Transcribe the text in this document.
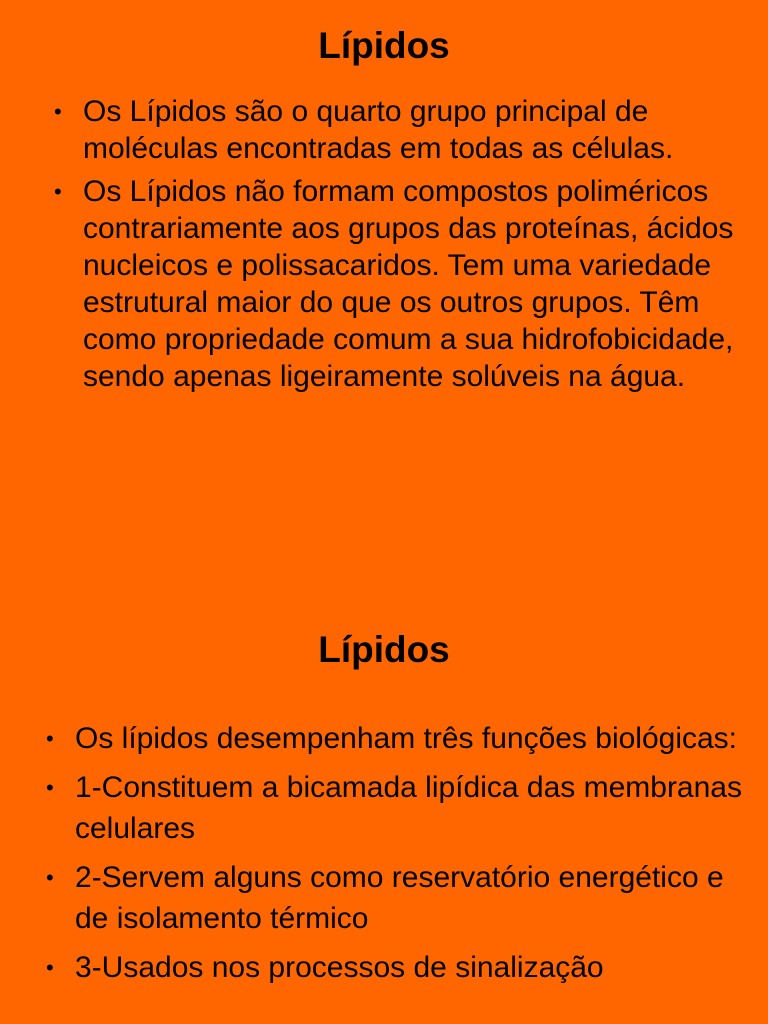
Lípidos
• Os Lípidos são o quarto grupo principal de moléculas encontradas em todas as células.
• Os Lípidos não formam compostos poliméricos contrariamente aos grupos das proteínas, ácidos nucleicos e polissacaridos. Tem uma variedade estrutural maior do que os outros grupos. Têm como propriedade comum a sua hidrofobicidade, sendo apenas ligeiramente solúveis na água.
Lípidos
• Os lípidos desempenham três funções biológicas:
• 1-Constituem a bicamada lipídica das membranas celulares
• 2-Servem alguns como reservatório energético e de isolamento térmico
• 3-Usados nos processos de sinalização
